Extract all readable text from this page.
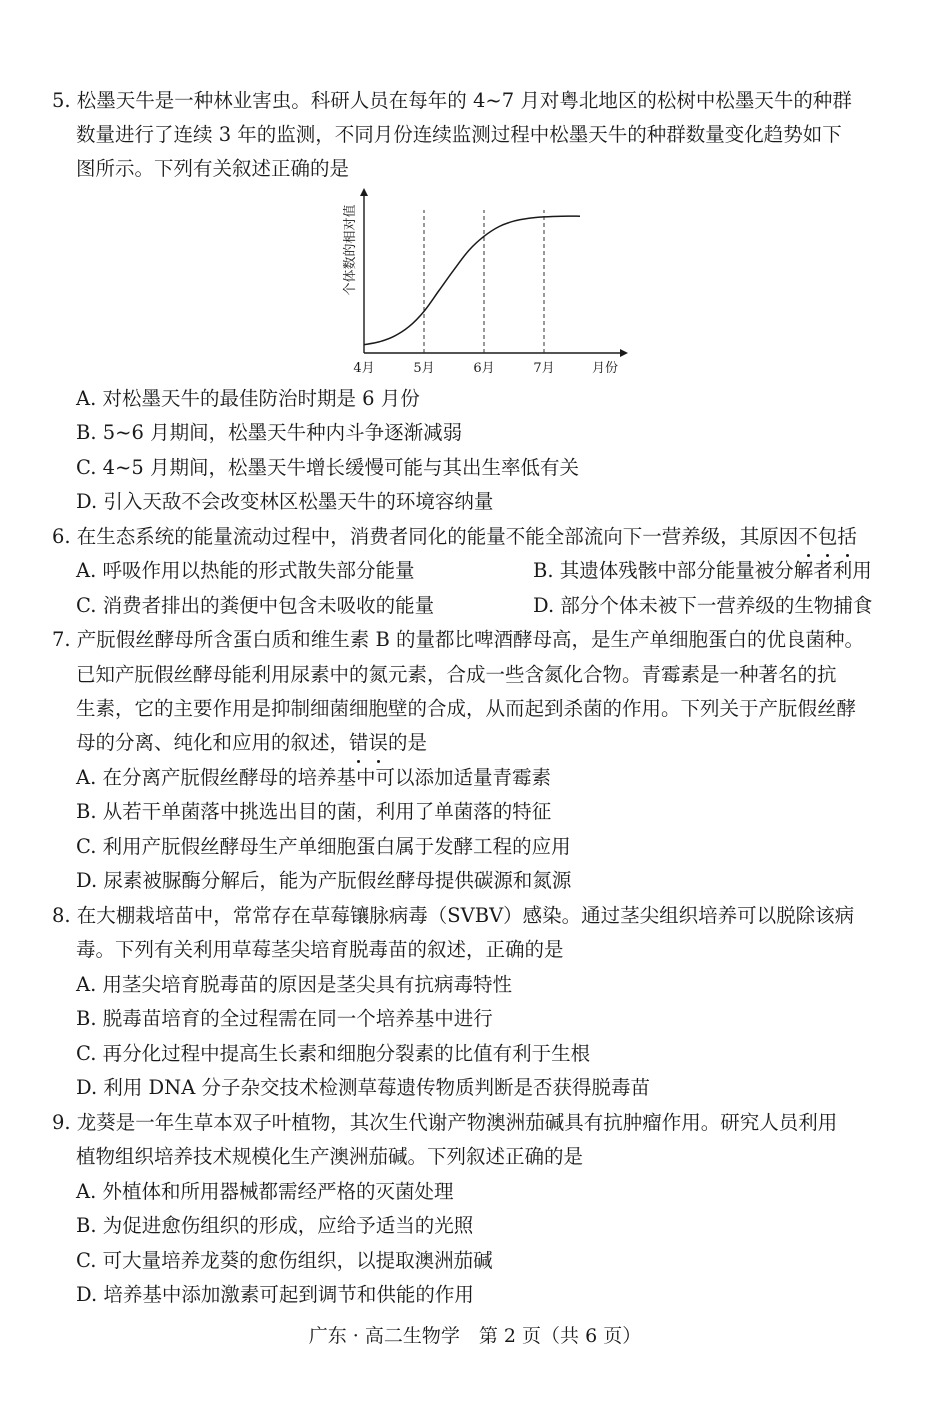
5. 松墨天牛是一种林业害虫。科研人员在每年的 4~7 月对粤北地区的松树中松墨天牛的种群
数量进行了连续 3 年的监测，不同月份连续监测过程中松墨天牛的种群数量变化趋势如下
图所示。下列有关叙述正确的是
4月	5月	6月	7月	月份
个体数的相对值
A. 对松墨天牛的最佳防治时期是 6 月份
B. 5~6 月期间，松墨天牛种内斗争逐渐减弱
C. 4~5 月期间，松墨天牛增长缓慢可能与其出生率低有关
D. 引入天敌不会改变林区松墨天牛的环境容纳量
6. 在生态系统的能量流动过程中，消费者同化的能量不能全部流向下一营养级，其原因不包括
A. 呼吸作用以热能的形式散失部分能量	B. 其遗体残骸中部分能量被分解者利用
C. 消费者排出的粪便中包含未吸收的能量	D. 部分个体未被下一营养级的生物捕食
7. 产朊假丝酵母所含蛋白质和维生素 B 的量都比啤酒酵母高，是生产单细胞蛋白的优良菌种。
已知产朊假丝酵母能利用尿素中的氮元素，合成一些含氮化合物。青霉素是一种著名的抗
生素，它的主要作用是抑制细菌细胞壁的合成，从而起到杀菌的作用。下列关于产朊假丝酵
母的分离、纯化和应用的叙述，错误的是
A. 在分离产朊假丝酵母的培养基中可以添加适量青霉素
B. 从若干单菌落中挑选出目的菌，利用了单菌落的特征
C. 利用产朊假丝酵母生产单细胞蛋白属于发酵工程的应用
D. 尿素被脲酶分解后，能为产朊假丝酵母提供碳源和氮源
8. 在大棚栽培苗中，常常存在草莓镶脉病毒（SVBV）感染。通过茎尖组织培养可以脱除该病
毒。下列有关利用草莓茎尖培育脱毒苗的叙述，正确的是
A. 用茎尖培育脱毒苗的原因是茎尖具有抗病毒特性
B. 脱毒苗培育的全过程需在同一个培养基中进行
C. 再分化过程中提高生长素和细胞分裂素的比值有利于生根
D. 利用 DNA 分子杂交技术检测草莓遗传物质判断是否获得脱毒苗
9. 龙葵是一年生草本双子叶植物，其次生代谢产物澳洲茄碱具有抗肿瘤作用。研究人员利用
植物组织培养技术规模化生产澳洲茄碱。下列叙述正确的是
A. 外植体和所用器械都需经严格的灭菌处理
B. 为促进愈伤组织的形成，应给予适当的光照
C. 可大量培养龙葵的愈伤组织，以提取澳洲茄碱
D. 培养基中添加激素可起到调节和供能的作用
广东 · 高二生物学　第 2 页（共 6 页）
